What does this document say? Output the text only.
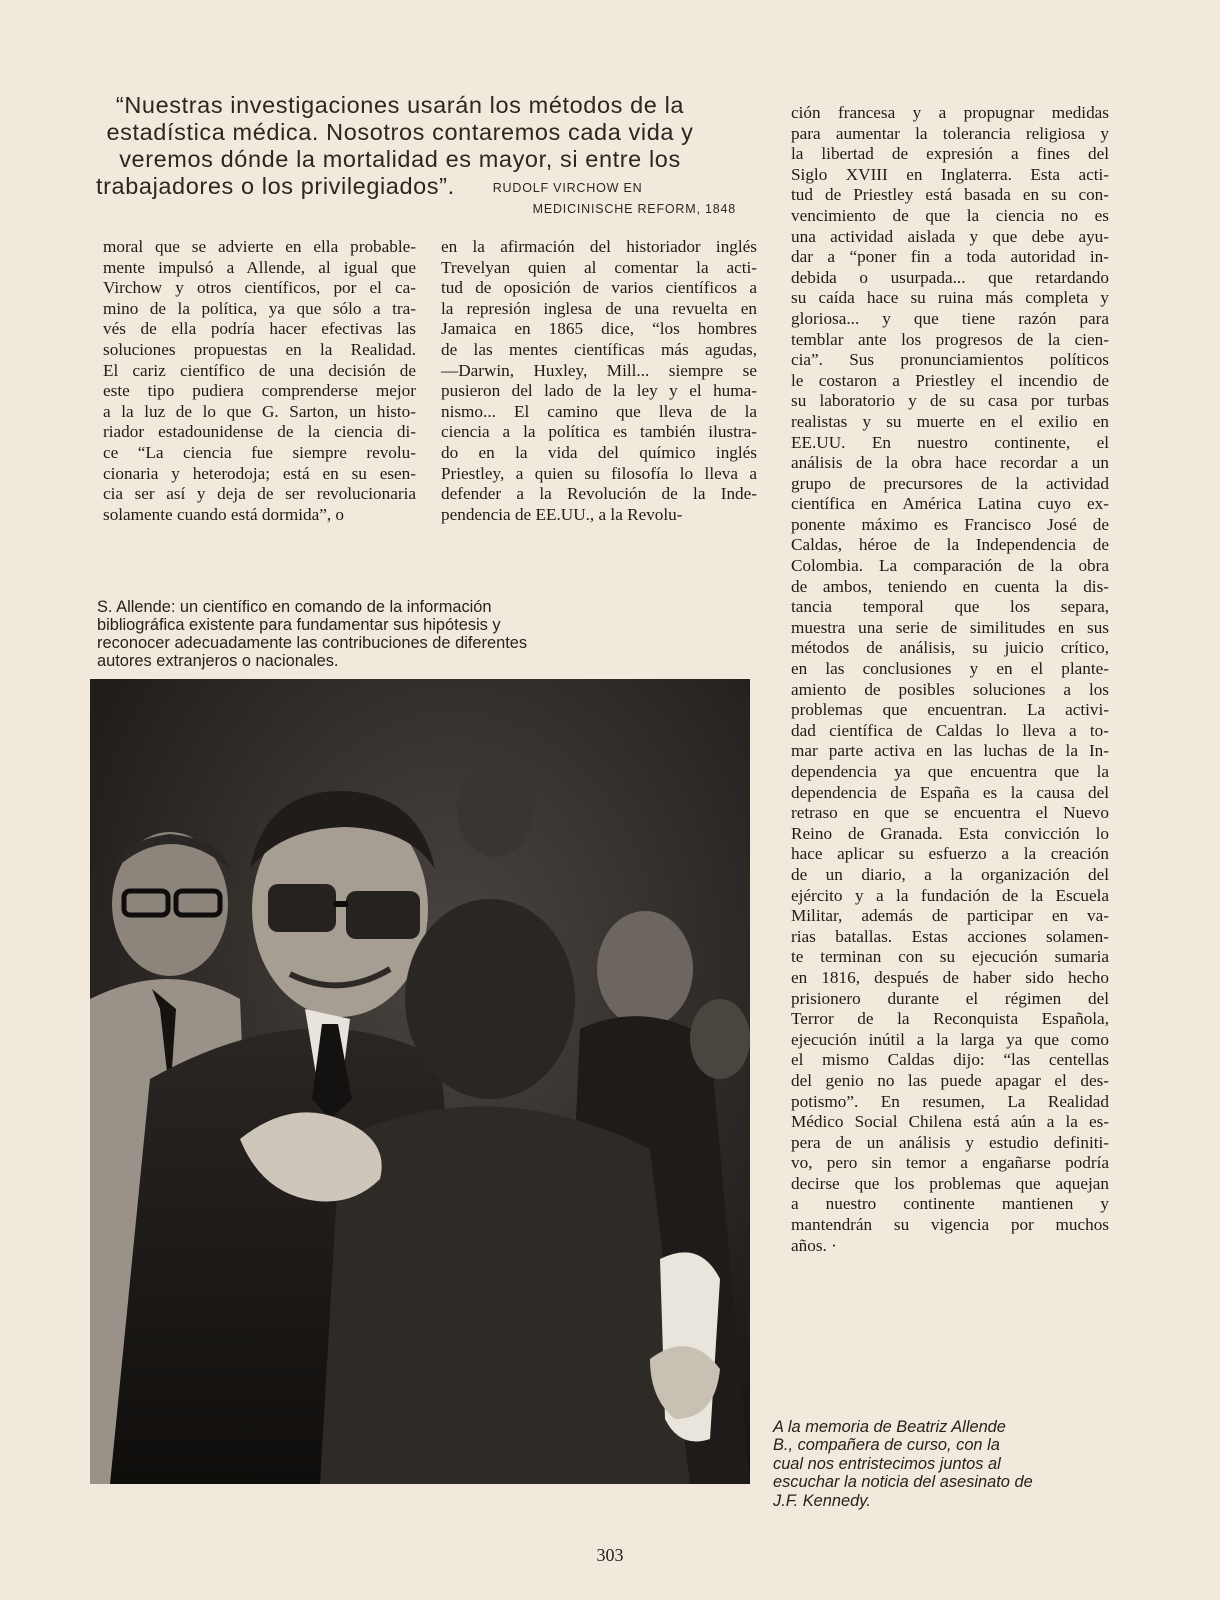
“Nuestras investigaciones usarán los métodos de la
estadística médica. Nosotros contaremos cada vida y
veremos dónde la mortalidad es mayor, si entre los
trabajadores o los privilegiados”.	RUDOLF VIRCHOW EN
MEDICINISCHE REFORM, 1848
moral que se advierte en ella probable-
mente impulsó a Allende, al igual que
Virchow y otros científicos, por el ca-
mino de la política, ya que sólo a tra-
vés de ella podría hacer efectivas las
soluciones propuestas en la Realidad.
El cariz científico de una decisión de
este tipo pudiera comprenderse mejor
a la luz de lo que G. Sarton, un histo-
riador estadounidense de la ciencia di-
ce “La ciencia fue siempre revolu-
cionaria y heterodoja; está en su esen-
cia ser así y deja de ser revolucionaria
solamente cuando está dormida”, o
en la afirmación del historiador inglés
Trevelyan quien al comentar la acti-
tud de oposición de varios científicos a
la represión inglesa de una revuelta en
Jamaica en 1865 dice, “los hombres
de las mentes científicas más agudas,
—Darwin, Huxley, Mill... siempre se
pusieron del lado de la ley y el huma-
nismo... El camino que lleva de la
ciencia a la política es también ilustra-
do en la vida del químico inglés
Priestley, a quien su filosofía lo lleva a
defender a la Revolución de la Inde-
pendencia de EE.UU., a la Revolu-
ción francesa y a propugnar medidas
para aumentar la tolerancia religiosa y
la libertad de expresión a fines del
Siglo XVIII en Inglaterra. Esta acti-
tud de Priestley está basada en su con-
vencimiento de que la ciencia no es
una actividad aislada y que debe ayu-
dar a “poner fin a toda autoridad in-
debida o usurpada... que retardando
su caída hace su ruina más completa y
gloriosa... y que tiene razón para
temblar ante los progresos de la cien-
cia”. Sus pronunciamientos políticos
le costaron a Priestley el incendio de
su laboratorio y de su casa por turbas
realistas y su muerte en el exilio en
EE.UU. En nuestro continente, el
análisis de la obra hace recordar a un
grupo de precursores de la actividad
científica en América Latina cuyo ex-
ponente máximo es Francisco José de
Caldas, héroe de la Independencia de
Colombia. La comparación de la obra
de ambos, teniendo en cuenta la dis-
tancia temporal que los separa,
muestra una serie de similitudes en sus
métodos de análisis, su juicio crítico,
en las conclusiones y en el plante-
amiento de posibles soluciones a los
problemas que encuentran. La activi-
dad científica de Caldas lo lleva a to-
mar parte activa en las luchas de la In-
dependencia ya que encuentra que la
dependencia de España es la causa del
retraso en que se encuentra el Nuevo
Reino de Granada. Esta convicción lo
hace aplicar su esfuerzo a la creación
de un diario, a la organización del
ejército y a la fundación de la Escuela
Militar, además de participar en va-
rias batallas. Estas acciones solamen-
te terminan con su ejecución sumaria
en 1816, después de haber sido hecho
prisionero durante el régimen del
Terror de la Reconquista Española,
ejecución inútil a la larga ya que como
el mismo Caldas dijo: “las centellas
del genio no las puede apagar el des-
potismo”. En resumen, La Realidad
Médico Social Chilena está aún a la es-
pera de un análisis y estudio definiti-
vo, pero sin temor a engañarse podría
decirse que los problemas que aquejan
a nuestro continente mantienen y
mantendrán su vigencia por muchos
años. ·
S. Allende: un científico en comando de la información
bibliográfica existente para fundamentar sus hipótesis y
reconocer adecuadamente las contribuciones de diferentes
autores extranjeros o nacionales.
A la memoria de Beatriz Allende
B., compañera de curso, con la
cual nos entristecimos juntos al
escuchar la noticia del asesinato de
J.F. Kennedy.
303
